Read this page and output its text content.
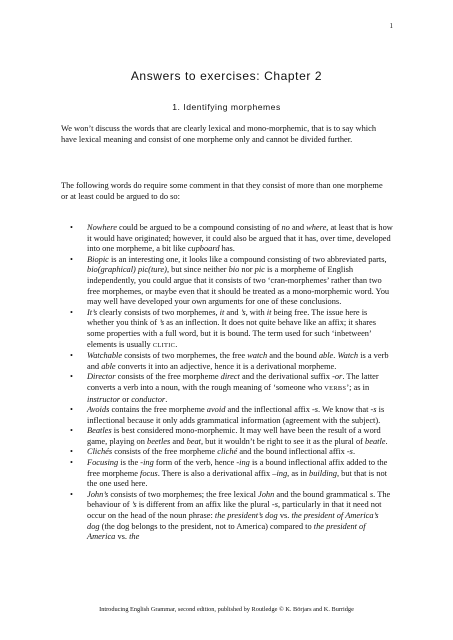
1
Answers to exercises: Chapter 2
1. Identifying morphemes

We won’t discuss the words that are clearly lexical and mono‑morphemic, that is to say which have lexical meaning and consist of one morpheme only and cannot be divided further.

The following words do require some comment in that they consist of more than one morpheme or at least could be argued to do so:

• Nowhere could be argued to be a compound consisting of no and where, at least that is how it would have originated; however, it could also be argued that it has, over time, developed into one morpheme, a bit like cupboard has.
• Biopic is an interesting one, it looks like a compound consisting of two abbreviated parts, bio(graphical) pic(ture), but since neither bio nor pic is a morpheme of English independently, you could argue that it consists of two ‘cran-morphemes’ rather than two free morphemes, or maybe even that it should be treated as a mono-morphemic word. You may well have developed your own arguments for one of these conclusions.
• It’s clearly consists of two morphemes, it and ’s, with it being free. The issue here is whether you think of ’s as an inflection. It does not quite behave like an affix; it shares some properties with a full word, but it is bound. The term used for such ‘inbetween’ elements is usually CLITIC.
• Watchable consists of two morphemes, the free watch and the bound able. Watch is a verb and able converts it into an adjective, hence it is a derivational morpheme.
• Director consists of the free morpheme direct and the derivational suffix -or. The latter converts a verb into a noun, with the rough meaning of ‘someone who VERBS’; as in instructor or conductor.
• Avoids contains the free morpheme avoid and the inflectional affix -s. We know that -s is inflectional because it only adds grammatical information (agreement with the subject).
• Beatles is best considered mono-morphemic. It may well have been the result of a word game, playing on beetles and beat, but it wouldn’t be right to see it as the plural of beatle.
• Clichés consists of the free morpheme cliché and the bound inflectional affix -s.
• Focusing is the -ing form of the verb, hence -ing is a bound inflectional affix added to the free morpheme focus. There is also a derivational affix –ing, as in building, but that is not the one used here.
• John’s consists of two morphemes; the free lexical John and the bound grammatical s. The behaviour of ’s is different from an affix like the plural -s, particularly in that it need not occur on the head of the noun phrase: the president’s dog vs. the president of America’s dog (the dog belongs to the president, not to America) compared to the president of America vs. the
Introducing English Grammar, second edition, published by Routledge © K. Börjars and K. Burridge
